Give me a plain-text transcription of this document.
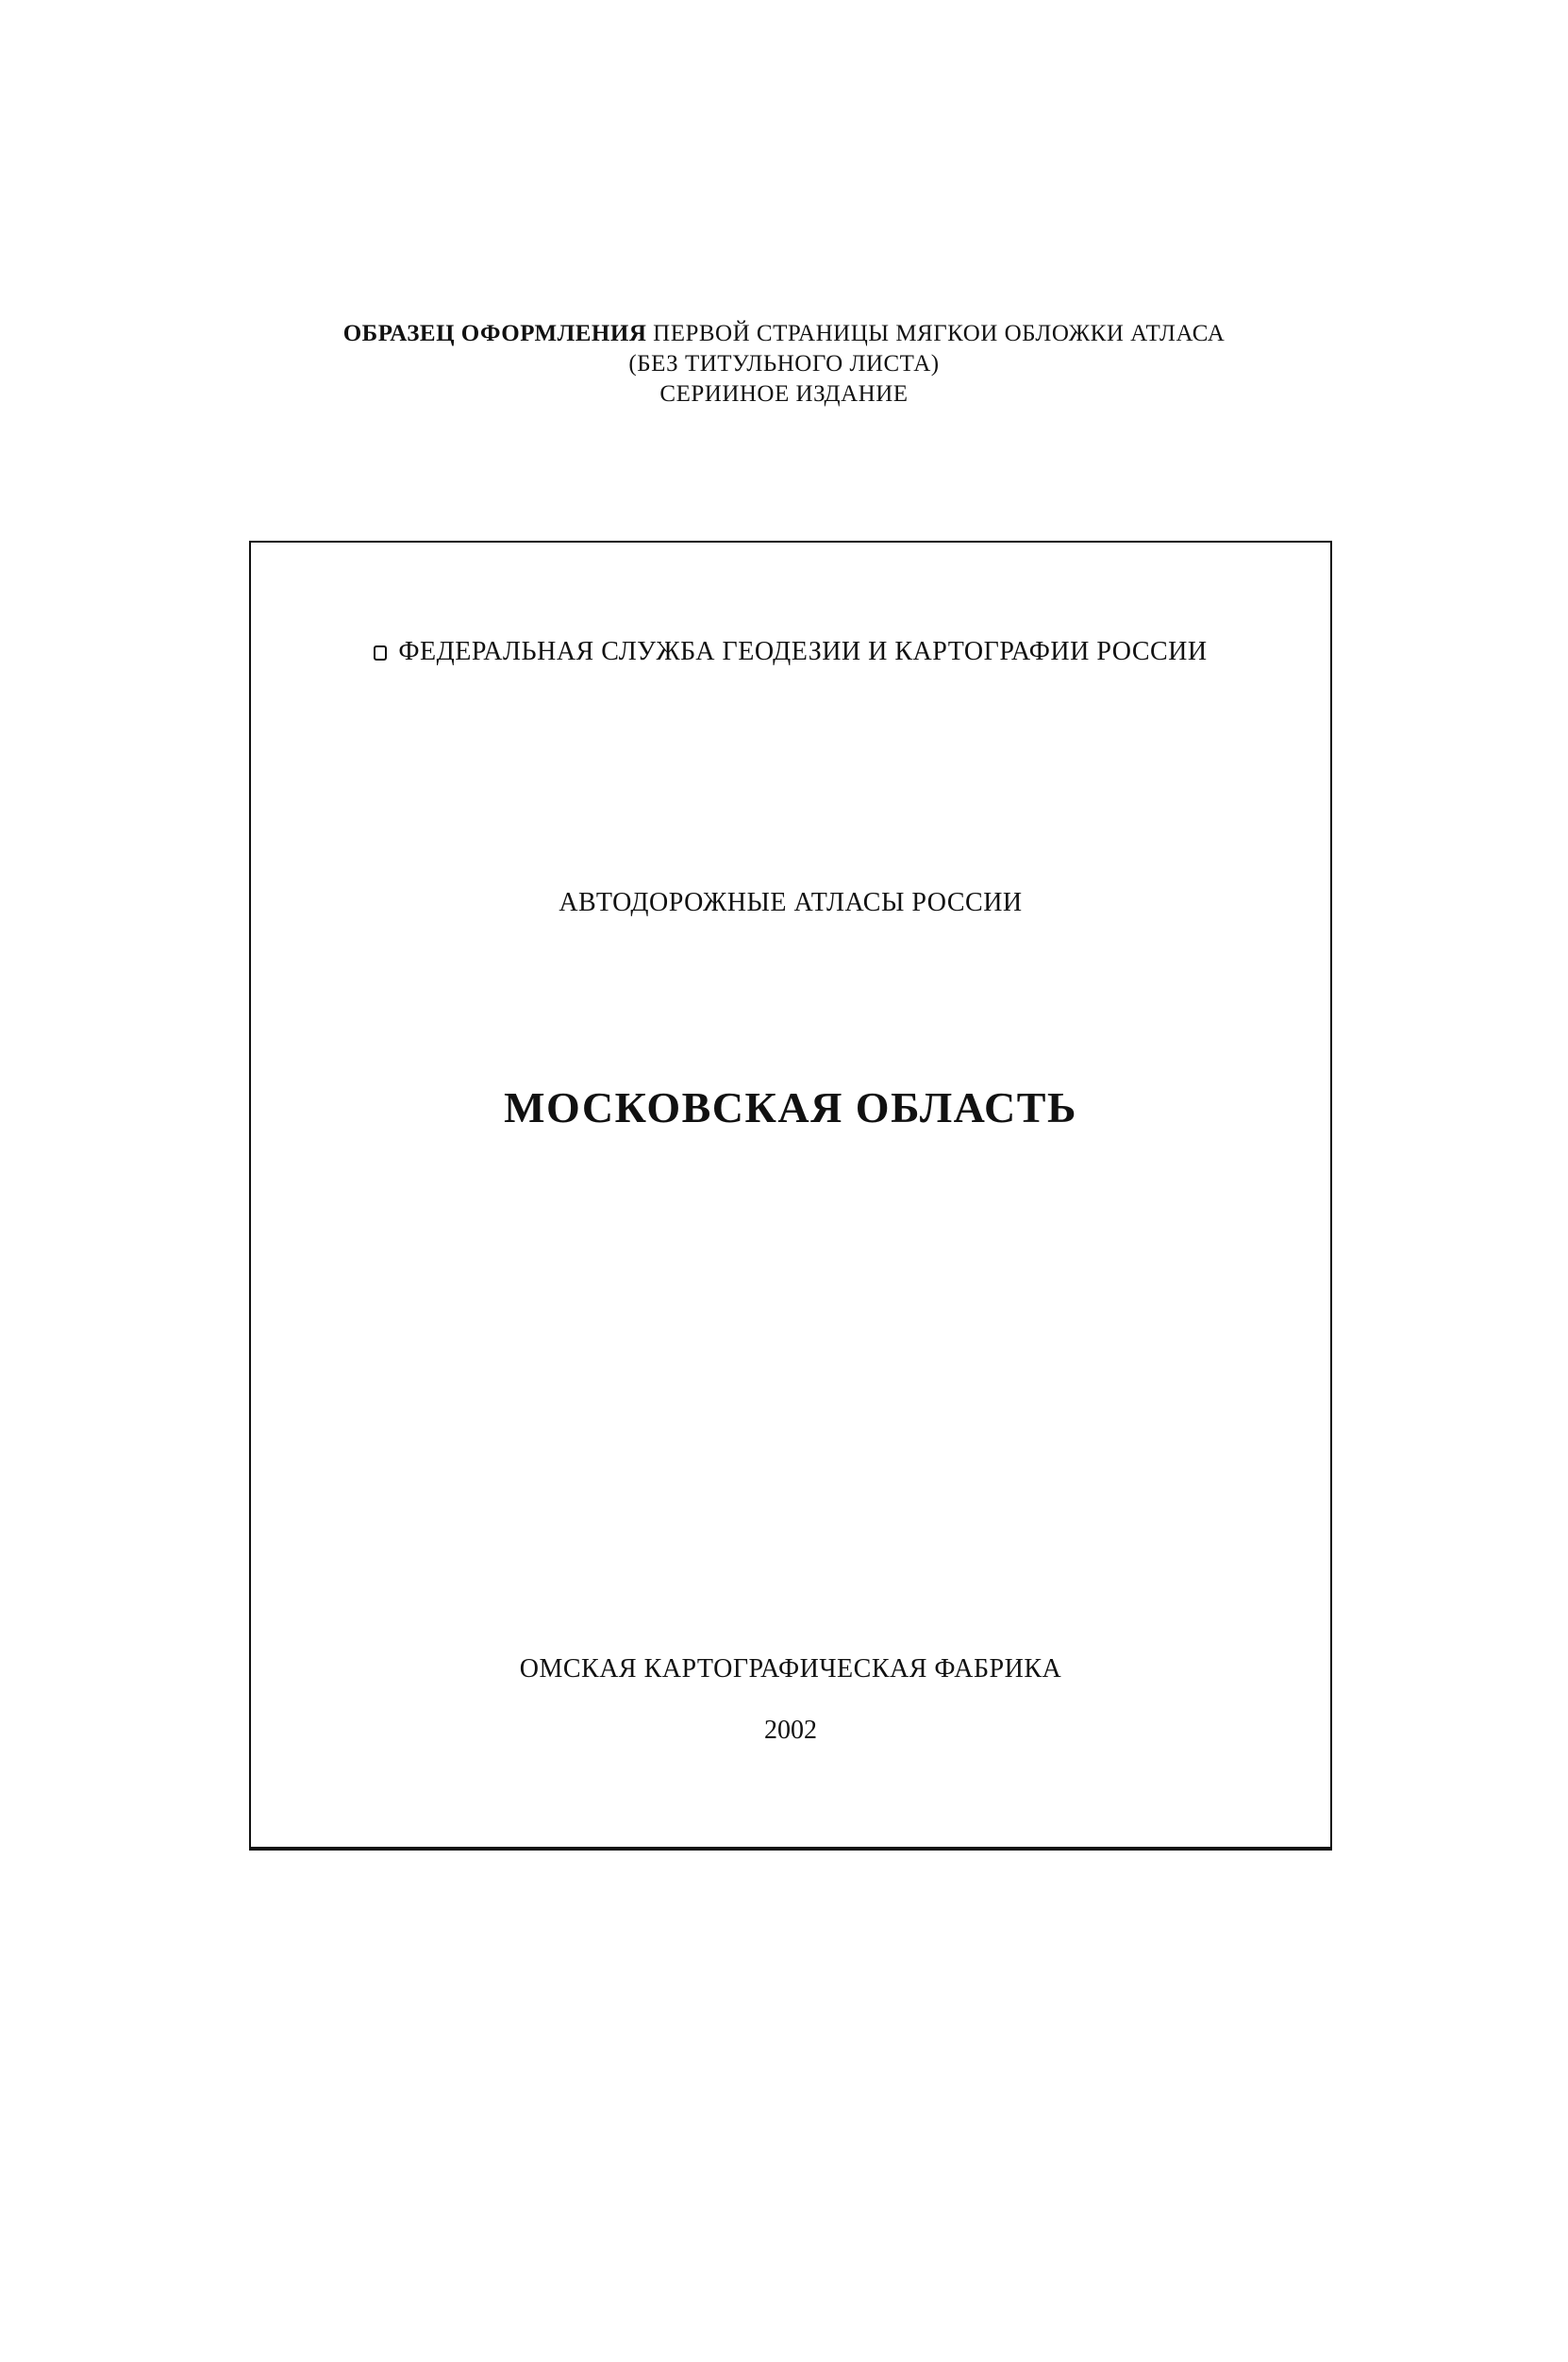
ОБРАЗЕЦ ОФОРМЛЕНИЯ ПЕРВОЙ СТРАНИЦЫ МЯГКОИ ОБЛОЖКИ АТЛАСА
(БЕЗ ТИТУЛЬНОГО ЛИСТА)
СЕРИИНОЕ ИЗДАНИЕ
ФЕДЕРАЛЬНАЯ СЛУЖБА ГЕОДЕЗИИ И КАРТОГРАФИИ РОССИИ
АВТОДОРОЖНЫЕ АТЛАСЫ РОССИИ
МОСКОВСКАЯ ОБЛАСТЬ
ОМСКАЯ КАРТОГРАФИЧЕСКАЯ ФАБРИКА
2002
